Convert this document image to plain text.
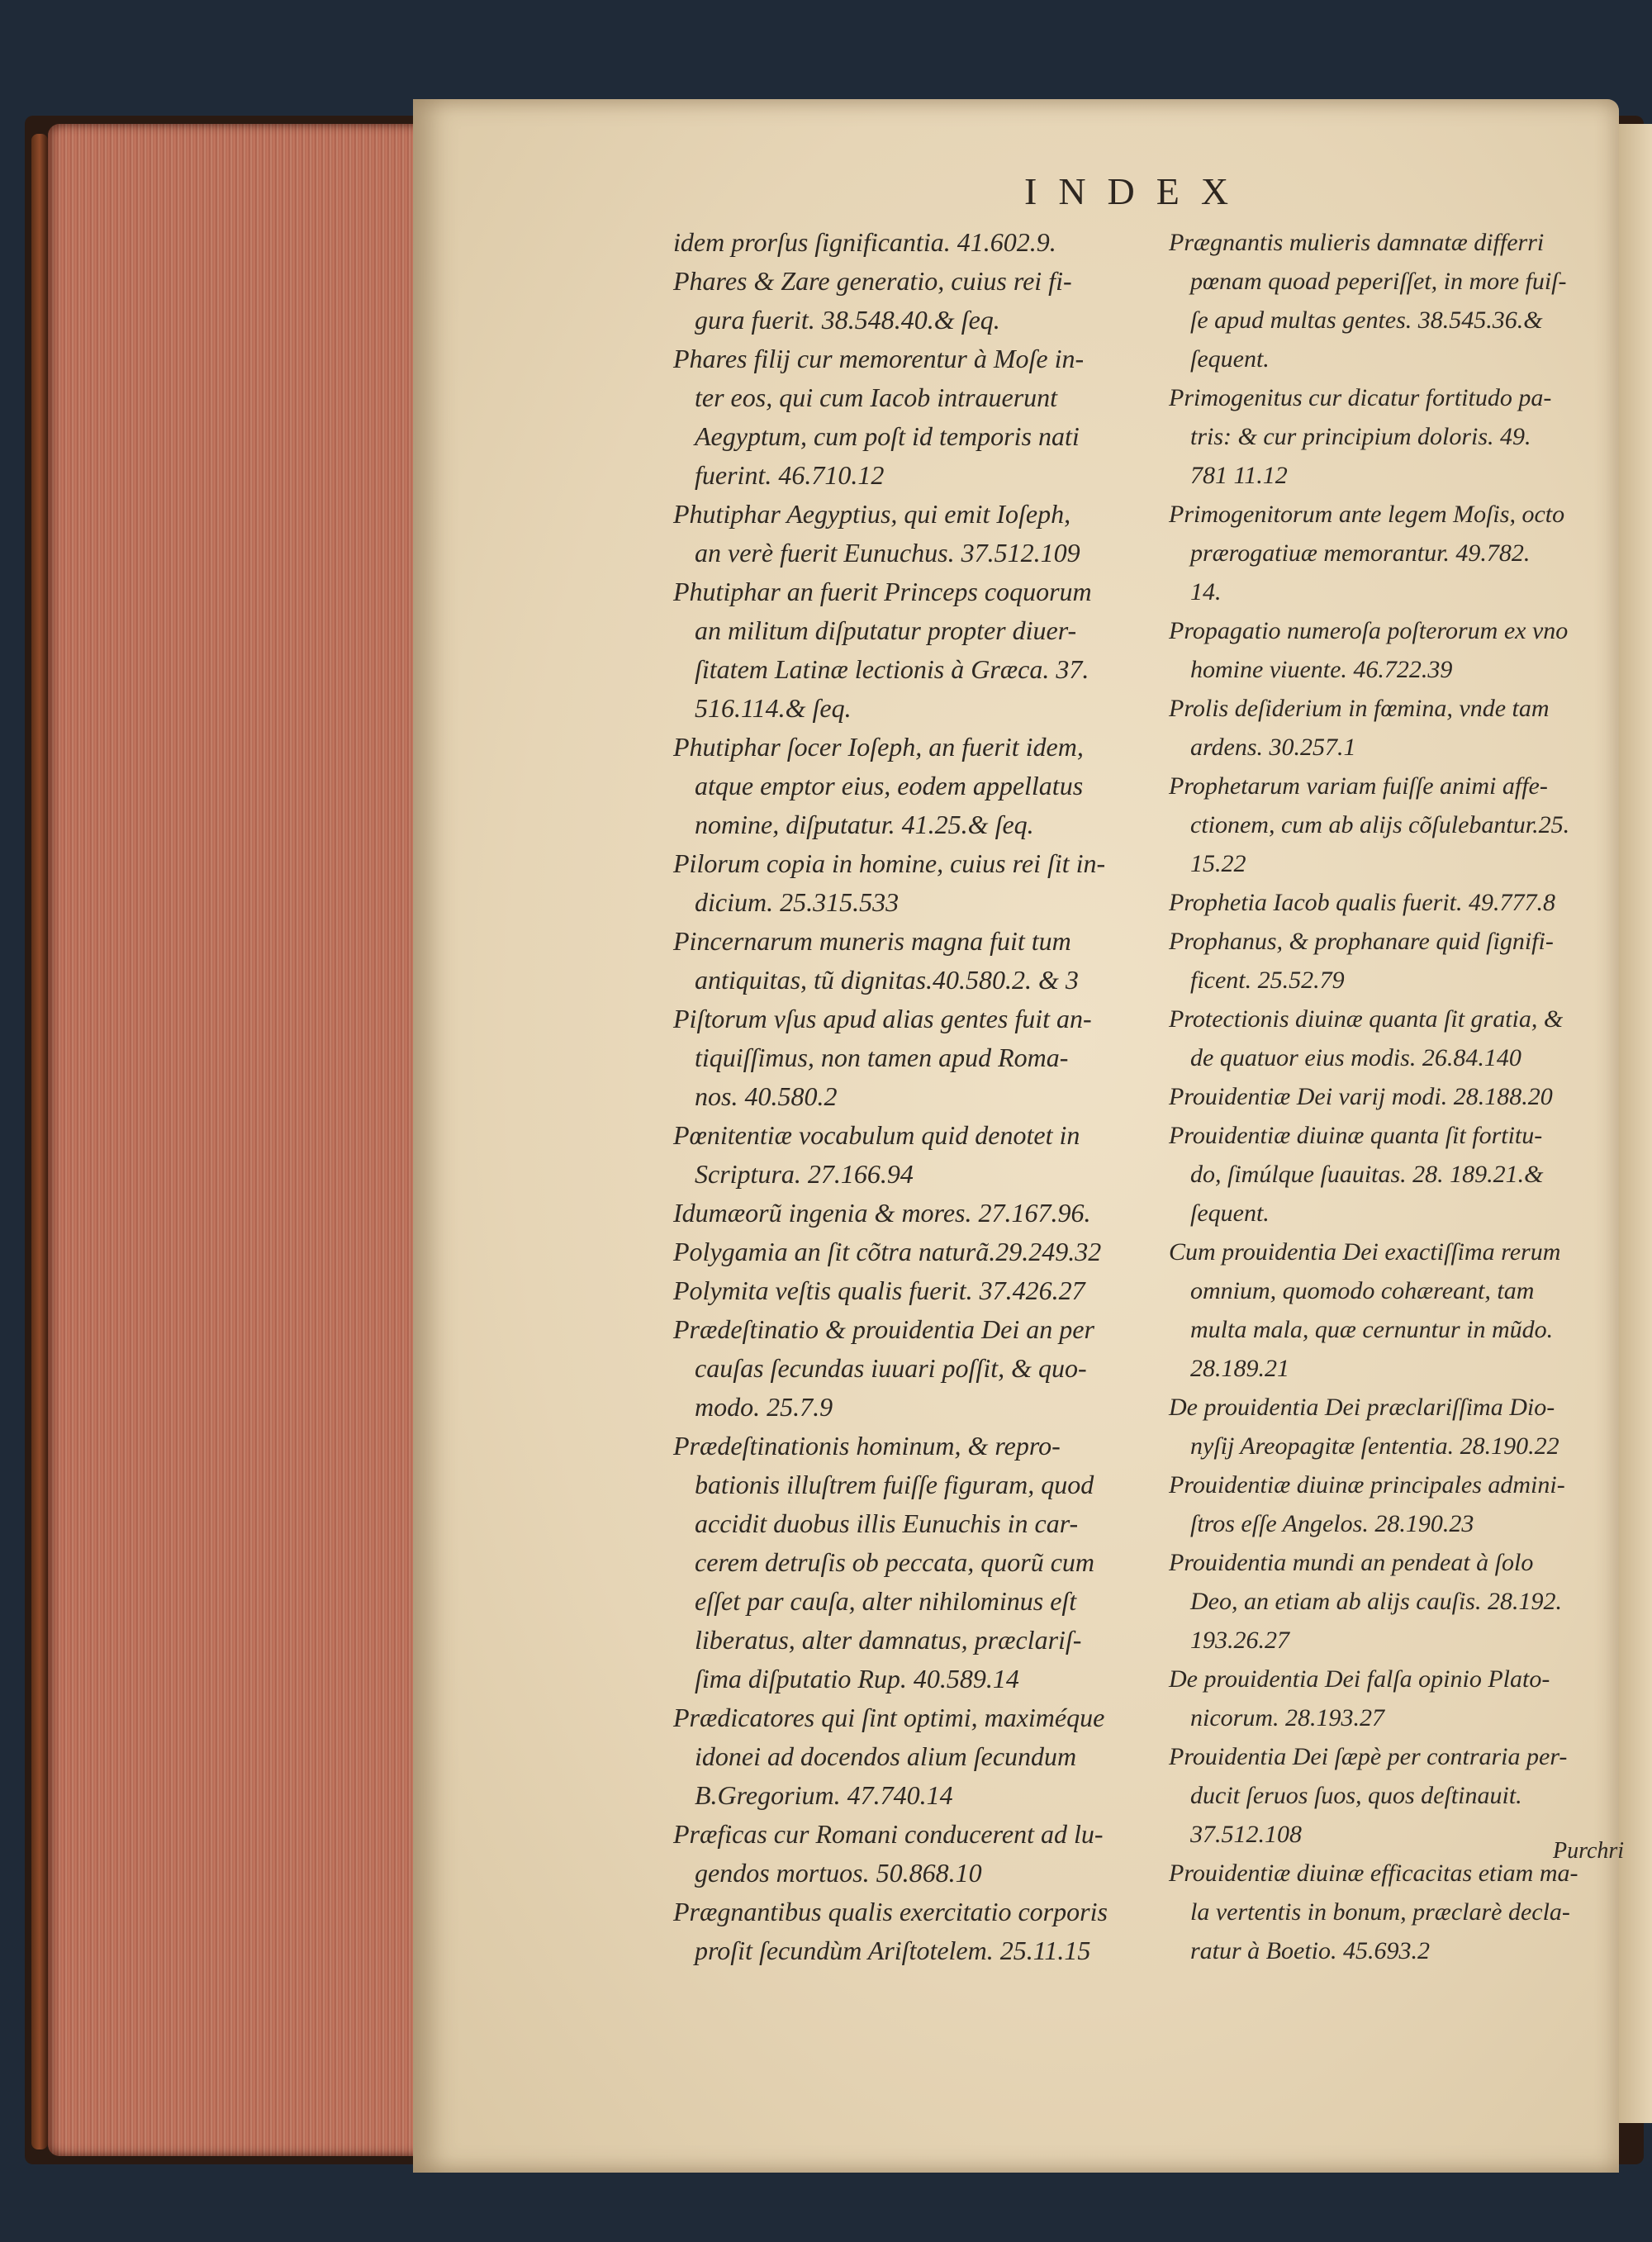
INDEX
idem prorſus ſignificantia. 41.602.9.
Phares & Zare generatio, cuius rei fi-
gura fuerit. 38.548.40.& ſeq.
Phares filij cur memorentur à Moſe in-
ter eos, qui cum Iacob intrauerunt
Aegyptum, cum poſt id temporis nati
fuerint. 46.710.12
Phutiphar Aegyptius, qui emit Ioſeph,
an verè fuerit Eunuchus. 37.512.109
Phutiphar an fuerit Princeps coquorum
an militum diſputatur propter diuer-
ſitatem Latinæ lectionis à Græca. 37.
516.114.& ſeq.
Phutiphar ſocer Ioſeph, an fuerit idem,
atque emptor eius, eodem appellatus
nomine, diſputatur. 41.25.& ſeq.
Pilorum copia in homine, cuius rei ſit in-
dicium. 25.315.533
Pincernarum muneris magna fuit tum
antiquitas, tũ dignitas.40.580.2. & 3
Piſtorum vſus apud alias gentes fuit an-
tiquiſſimus, non tamen apud Roma-
nos. 40.580.2
Pœnitentiæ vocabulum quid denotet in
Scriptura. 27.166.94
Idumæorũ ingenia & mores. 27.167.96.
Polygamia an ſit cõtra naturã.29.249.32
Polymita veſtis qualis fuerit. 37.426.27
Prædeſtinatio & prouidentia Dei an per
cauſas ſecundas iuuari poſſit, & quo-
modo. 25.7.9
Prædeſtinationis hominum, & repro-
bationis illuſtrem fuiſſe figuram, quod
accidit duobus illis Eunuchis in car-
cerem detruſis ob peccata, quorũ cum
eſſet par cauſa, alter nihilominus eſt
liberatus, alter damnatus, præclariſ-
ſima diſputatio Rup. 40.589.14
Prædicatores qui ſint optimi, maximéque
idonei ad docendos alium ſecundum
B.Gregorium. 47.740.14
Præficas cur Romani conducerent ad lu-
gendos mortuos. 50.868.10
Prægnantibus qualis exercitatio corporis
proſit ſecundùm Ariſtotelem. 25.11.15
Prægnantis mulieris damnatæ differri
pœnam quoad peperiſſet, in more fuiſ-
ſe apud multas gentes. 38.545.36.&
ſequent.
Primogenitus cur dicatur fortitudo pa-
tris: & cur principium doloris. 49.
781 11.12
Primogenitorum ante legem Moſis, octo
prærogatiuæ memorantur. 49.782.
14.
Propagatio numeroſa poſterorum ex vno
homine viuente. 46.722.39
Prolis deſiderium in fœmina, vnde tam
ardens. 30.257.1
Prophetarum variam fuiſſe animi affe-
ctionem, cum ab alijs cõſulebantur.25.
15.22
Prophetia Iacob qualis fuerit. 49.777.8
Prophanus, & prophanare quid ſignifi-
ficent. 25.52.79
Protectionis diuinæ quanta ſit gratia, &
de quatuor eius modis. 26.84.140
Prouidentiæ Dei varij modi. 28.188.20
Prouidentiæ diuinæ quanta ſit fortitu-
do, ſimúlque ſuauitas. 28. 189.21.&
ſequent.
Cum prouidentia Dei exactiſſima rerum
omnium, quomodo cohæreant, tam
multa mala, quæ cernuntur in mũdo.
28.189.21
De prouidentia Dei præclariſſima Dio-
nyſij Areopagitæ ſententia. 28.190.22
Prouidentiæ diuinæ principales admini-
ſtros eſſe Angelos. 28.190.23
Prouidentia mundi an pendeat à ſolo
Deo, an etiam ab alijs cauſis. 28.192.
193.26.27
De prouidentia Dei falſa opinio Plato-
nicorum. 28.193.27
Prouidentia Dei ſæpè per contraria per-
ducit ſeruos ſuos, quos deſtinauit.
37.512.108
Prouidentiæ diuinæ efficacitas etiam ma-
la vertentis in bonum, præclarè decla-
ratur à Boetio. 45.693.2
Purchri
